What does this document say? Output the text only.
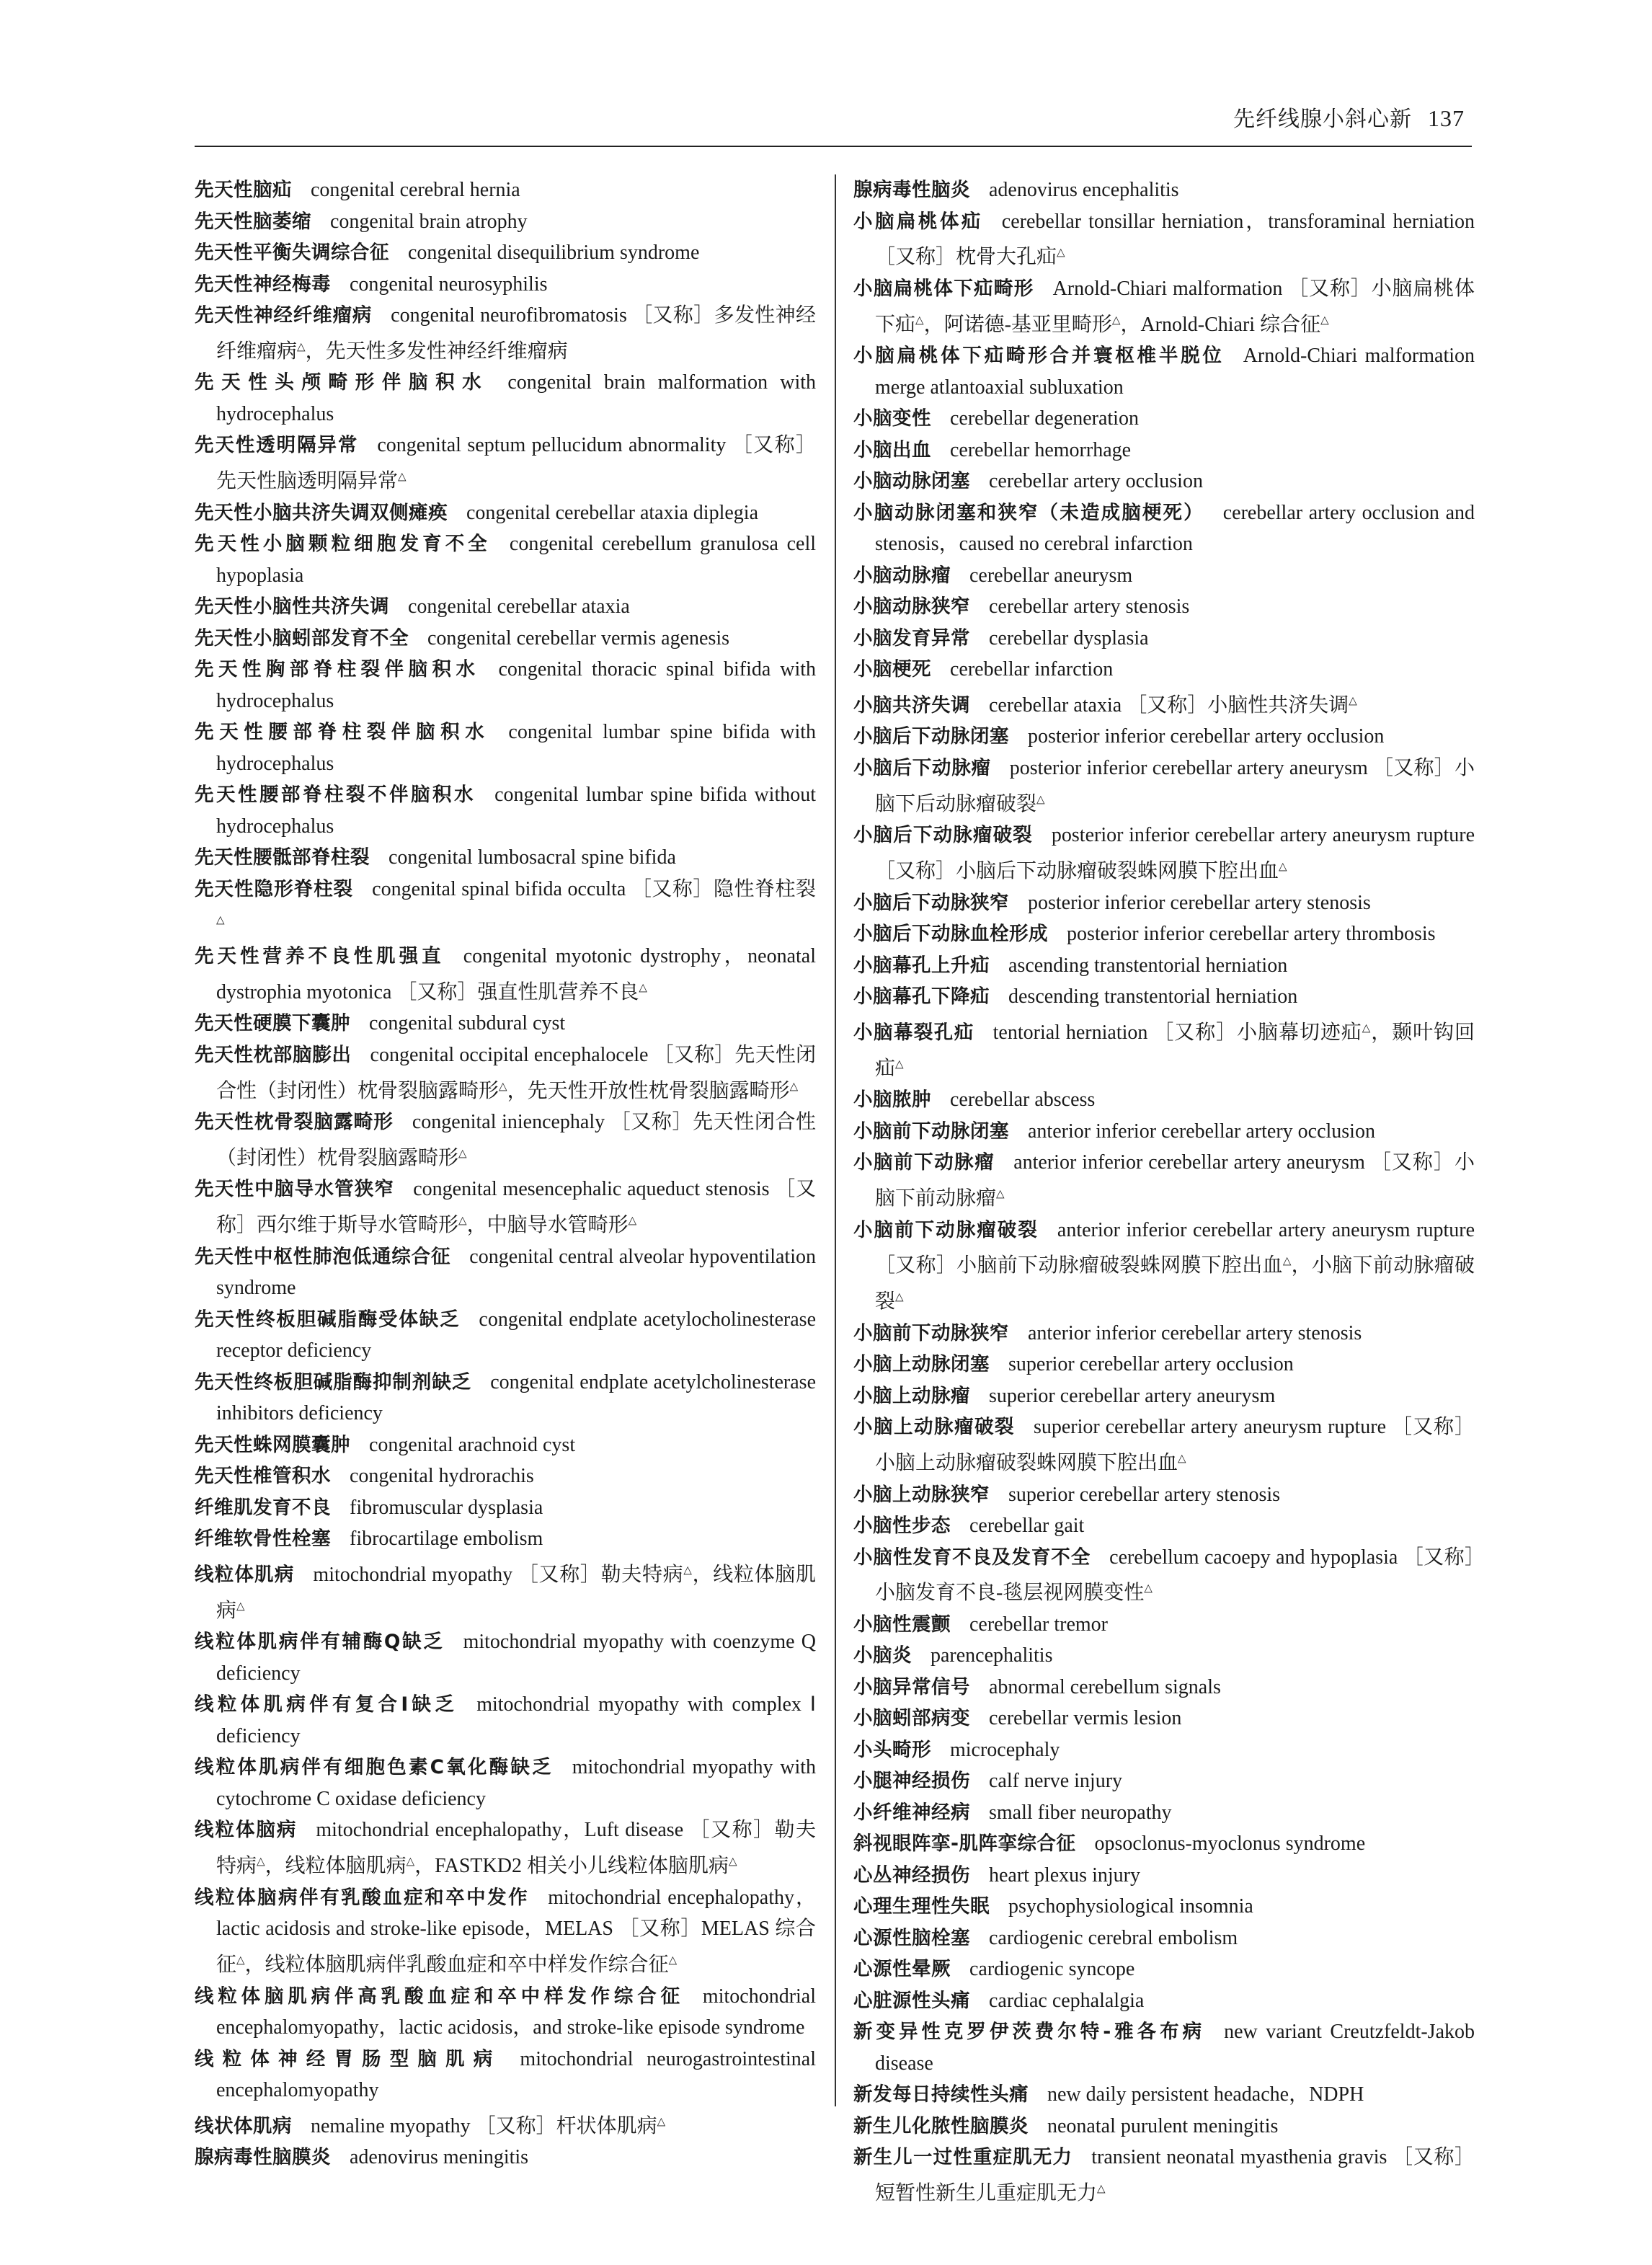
先纤线腺小斜心新 137
先天性脑疝 congenital cerebral hernia
先天性脑萎缩 congenital brain atrophy
先天性平衡失调综合征 congenital disequilibrium syndrome
先天性神经梅毒 congenital neurosyphilis
先天性神经纤维瘤病 congenital neurofibromatosis ［又称］多发性神经纤维瘤病△，先天性多发性神经纤维瘤病
先天性头颅畸形伴脑积水 congenital brain malformation with hydrocephalus
先天性透明隔异常 congenital septum pellucidum abnormality ［又称］先天性脑透明隔异常△
先天性小脑共济失调双侧瘫痪 congenital cerebellar ataxia diplegia
先天性小脑颗粒细胞发育不全 congenital cerebellum granulosa cell hypoplasia
先天性小脑性共济失调 congenital cerebellar ataxia
先天性小脑蚓部发育不全 congenital cerebellar vermis agenesis
先天性胸部脊柱裂伴脑积水 congenital thoracic spinal bifida with hydrocephalus
先天性腰部脊柱裂伴脑积水 congenital lumbar spine bifida with hydrocephalus
先天性腰部脊柱裂不伴脑积水 congenital lumbar spine bifida without hydrocephalus
先天性腰骶部脊柱裂 congenital lumbosacral spine bifida
先天性隐形脊柱裂 congenital spinal bifida occulta ［又称］隐性脊柱裂△
先天性营养不良性肌强直 congenital myotonic dystrophy，neonatal dystrophia myotonica ［又称］强直性肌营养不良△
先天性硬膜下囊肿 congenital subdural cyst
先天性枕部脑膨出 congenital occipital encephalocele ［又称］先天性闭合性（封闭性）枕骨裂脑露畸形△，先天性开放性枕骨裂脑露畸形△
先天性枕骨裂脑露畸形 congenital iniencephaly ［又称］先天性闭合性（封闭性）枕骨裂脑露畸形△
先天性中脑导水管狭窄 congenital mesencephalic aqueduct stenosis ［又称］西尔维于斯导水管畸形△，中脑导水管畸形△
先天性中枢性肺泡低通综合征 congenital central alveolar hypoventilation syndrome
先天性终板胆碱脂酶受体缺乏 congenital endplate acetylocholinesterase receptor deficiency
先天性终板胆碱脂酶抑制剂缺乏 congenital endplate acetylcholinesterase inhibitors deficiency
先天性蛛网膜囊肿 congenital arachnoid cyst
先天性椎管积水 congenital hydrorachis
纤维肌发育不良 fibromuscular dysplasia
纤维软骨性栓塞 fibrocartilage embolism
线粒体肌病 mitochondrial myopathy ［又称］勒夫特病△，线粒体脑肌病△
线粒体肌病伴有辅酶Q缺乏 mitochondrial myopathy with coenzyme Q deficiency
线粒体肌病伴有复合Ⅰ缺乏 mitochondrial myopathy with complex Ⅰ deficiency
线粒体肌病伴有细胞色素C氧化酶缺乏 mitochondrial myopathy with cytochrome C oxidase deficiency
线粒体脑病 mitochondrial encephalopathy，Luft disease ［又称］勒夫特病△，线粒体脑肌病△，FASTKD2 相关小儿线粒体脑肌病△
线粒体脑病伴有乳酸血症和卒中发作 mitochondrial encephalopathy，lactic acidosis and stroke-like episode，MELAS ［又称］MELAS 综合征△，线粒体脑肌病伴乳酸血症和卒中样发作综合征△
线粒体脑肌病伴高乳酸血症和卒中样发作综合征 mitochondrial encephalomyopathy，lactic acidosis，and stroke-like episode syndrome
线粒体神经胃肠型脑肌病 mitochondrial neurogastrointestinal encephalomyopathy
线状体肌病 nemaline myopathy ［又称］杆状体肌病△
腺病毒性脑膜炎 adenovirus meningitis
腺病毒性脑炎 adenovirus encephalitis
小脑扁桃体疝 cerebellar tonsillar herniation，transforaminal herniation ［又称］枕骨大孔疝△
小脑扁桃体下疝畸形 Arnold-Chiari malformation ［又称］小脑扁桃体下疝△，阿诺德-基亚里畸形△，Arnold-Chiari 综合征△
小脑扁桃体下疝畸形合并寰枢椎半脱位 Arnold-Chiari malformation merge atlantoaxial subluxation
小脑变性 cerebellar degeneration
小脑出血 cerebellar hemorrhage
小脑动脉闭塞 cerebellar artery occlusion
小脑动脉闭塞和狭窄（未造成脑梗死） cerebellar artery occlusion and stenosis，caused no cerebral infarction
小脑动脉瘤 cerebellar aneurysm
小脑动脉狭窄 cerebellar artery stenosis
小脑发育异常 cerebellar dysplasia
小脑梗死 cerebellar infarction
小脑共济失调 cerebellar ataxia ［又称］小脑性共济失调△
小脑后下动脉闭塞 posterior inferior cerebellar artery occlusion
小脑后下动脉瘤 posterior inferior cerebellar artery aneurysm ［又称］小脑下后动脉瘤破裂△
小脑后下动脉瘤破裂 posterior inferior cerebellar artery aneurysm rupture ［又称］小脑后下动脉瘤破裂蛛网膜下腔出血△
小脑后下动脉狭窄 posterior inferior cerebellar artery stenosis
小脑后下动脉血栓形成 posterior inferior cerebellar artery thrombosis
小脑幕孔上升疝 ascending transtentorial herniation
小脑幕孔下降疝 descending transtentorial herniation
小脑幕裂孔疝 tentorial herniation ［又称］小脑幕切迹疝△，颞叶钩回疝△
小脑脓肿 cerebellar abscess
小脑前下动脉闭塞 anterior inferior cerebellar artery occlusion
小脑前下动脉瘤 anterior inferior cerebellar artery aneurysm ［又称］小脑下前动脉瘤△
小脑前下动脉瘤破裂 anterior inferior cerebellar artery aneurysm rupture ［又称］小脑前下动脉瘤破裂蛛网膜下腔出血△，小脑下前动脉瘤破裂△
小脑前下动脉狭窄 anterior inferior cerebellar artery stenosis
小脑上动脉闭塞 superior cerebellar artery occlusion
小脑上动脉瘤 superior cerebellar artery aneurysm
小脑上动脉瘤破裂 superior cerebellar artery aneurysm rupture ［又称］小脑上动脉瘤破裂蛛网膜下腔出血△
小脑上动脉狭窄 superior cerebellar artery stenosis
小脑性步态 cerebellar gait
小脑性发育不良及发育不全 cerebellum cacoepy and hypoplasia ［又称］小脑发育不良-毯层视网膜变性△
小脑性震颤 cerebellar tremor
小脑炎 parencephalitis
小脑异常信号 abnormal cerebellum signals
小脑蚓部病变 cerebellar vermis lesion
小头畸形 microcephaly
小腿神经损伤 calf nerve injury
小纤维神经病 small fiber neuropathy
斜视眼阵挛-肌阵挛综合征 opsoclonus-myoclonus syndrome
心丛神经损伤 heart plexus injury
心理生理性失眠 psychophysiological insomnia
心源性脑栓塞 cardiogenic cerebral embolism
心源性晕厥 cardiogenic syncope
心脏源性头痛 cardiac cephalalgia
新变异性克罗伊茨费尔特-雅各布病 new variant Creutzfeldt-Jakob disease
新发每日持续性头痛 new daily persistent headache，NDPH
新生儿化脓性脑膜炎 neonatal purulent meningitis
新生儿一过性重症肌无力 transient neonatal myasthenia gravis ［又称］短暂性新生儿重症肌无力△
